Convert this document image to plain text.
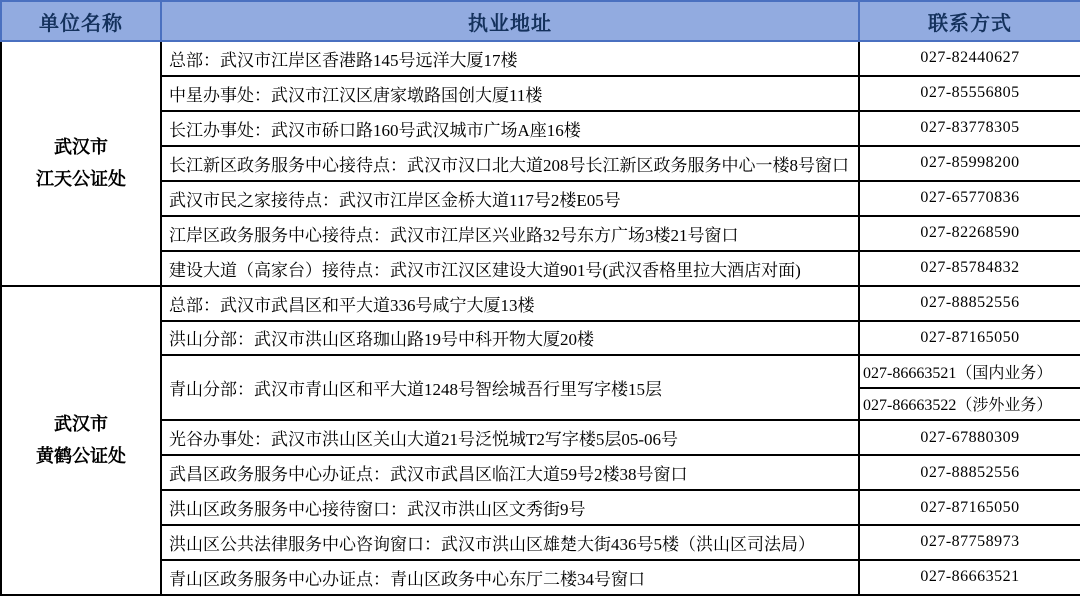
单位名称	执业地址	联系方式
武汉市
江天公证处	总部：武汉市江岸区香港路145号远洋大厦17楼	027-82440627
	中星办事处：武汉市江汉区唐家墩路国创大厦11楼	027-85556805
	长江办事处：武汉市硚口路160号武汉城市广场A座16楼	027-83778305
	长江新区政务服务中心接待点：武汉市汉口北大道208号长江新区政务服务中心一楼8号窗口	027-85998200
	武汉市民之家接待点：武汉市江岸区金桥大道117号2楼E05号	027-65770836
	江岸区政务服务中心接待点：武汉市江岸区兴业路32号东方广场3楼21号窗口	027-82268590
	建设大道（高家台）接待点：武汉市江汉区建设大道901号(武汉香格里拉大酒店对面)	027-85784832
武汉市
黄鹤公证处	总部：武汉市武昌区和平大道336号咸宁大厦13楼	027-88852556
	洪山分部：武汉市洪山区珞珈山路19号中科开物大厦20楼	027-87165050
	青山分部：武汉市青山区和平大道1248号智绘城吾行里写字楼15层	027-86663521（国内业务）
		027-86663522（涉外业务）
	光谷办事处：武汉市洪山区关山大道21号泛悦城T2写字楼5层05-06号	027-67880309
	武昌区政务服务中心办证点：武汉市武昌区临江大道59号2楼38号窗口	027-88852556
	洪山区政务服务中心接待窗口：武汉市洪山区文秀街9号	027-87165050
	洪山区公共法律服务中心咨询窗口：武汉市洪山区雄楚大街436号5楼（洪山区司法局）	027-87758973
	青山区政务服务中心办证点：青山区政务中心东厅二楼34号窗口	027-86663521
